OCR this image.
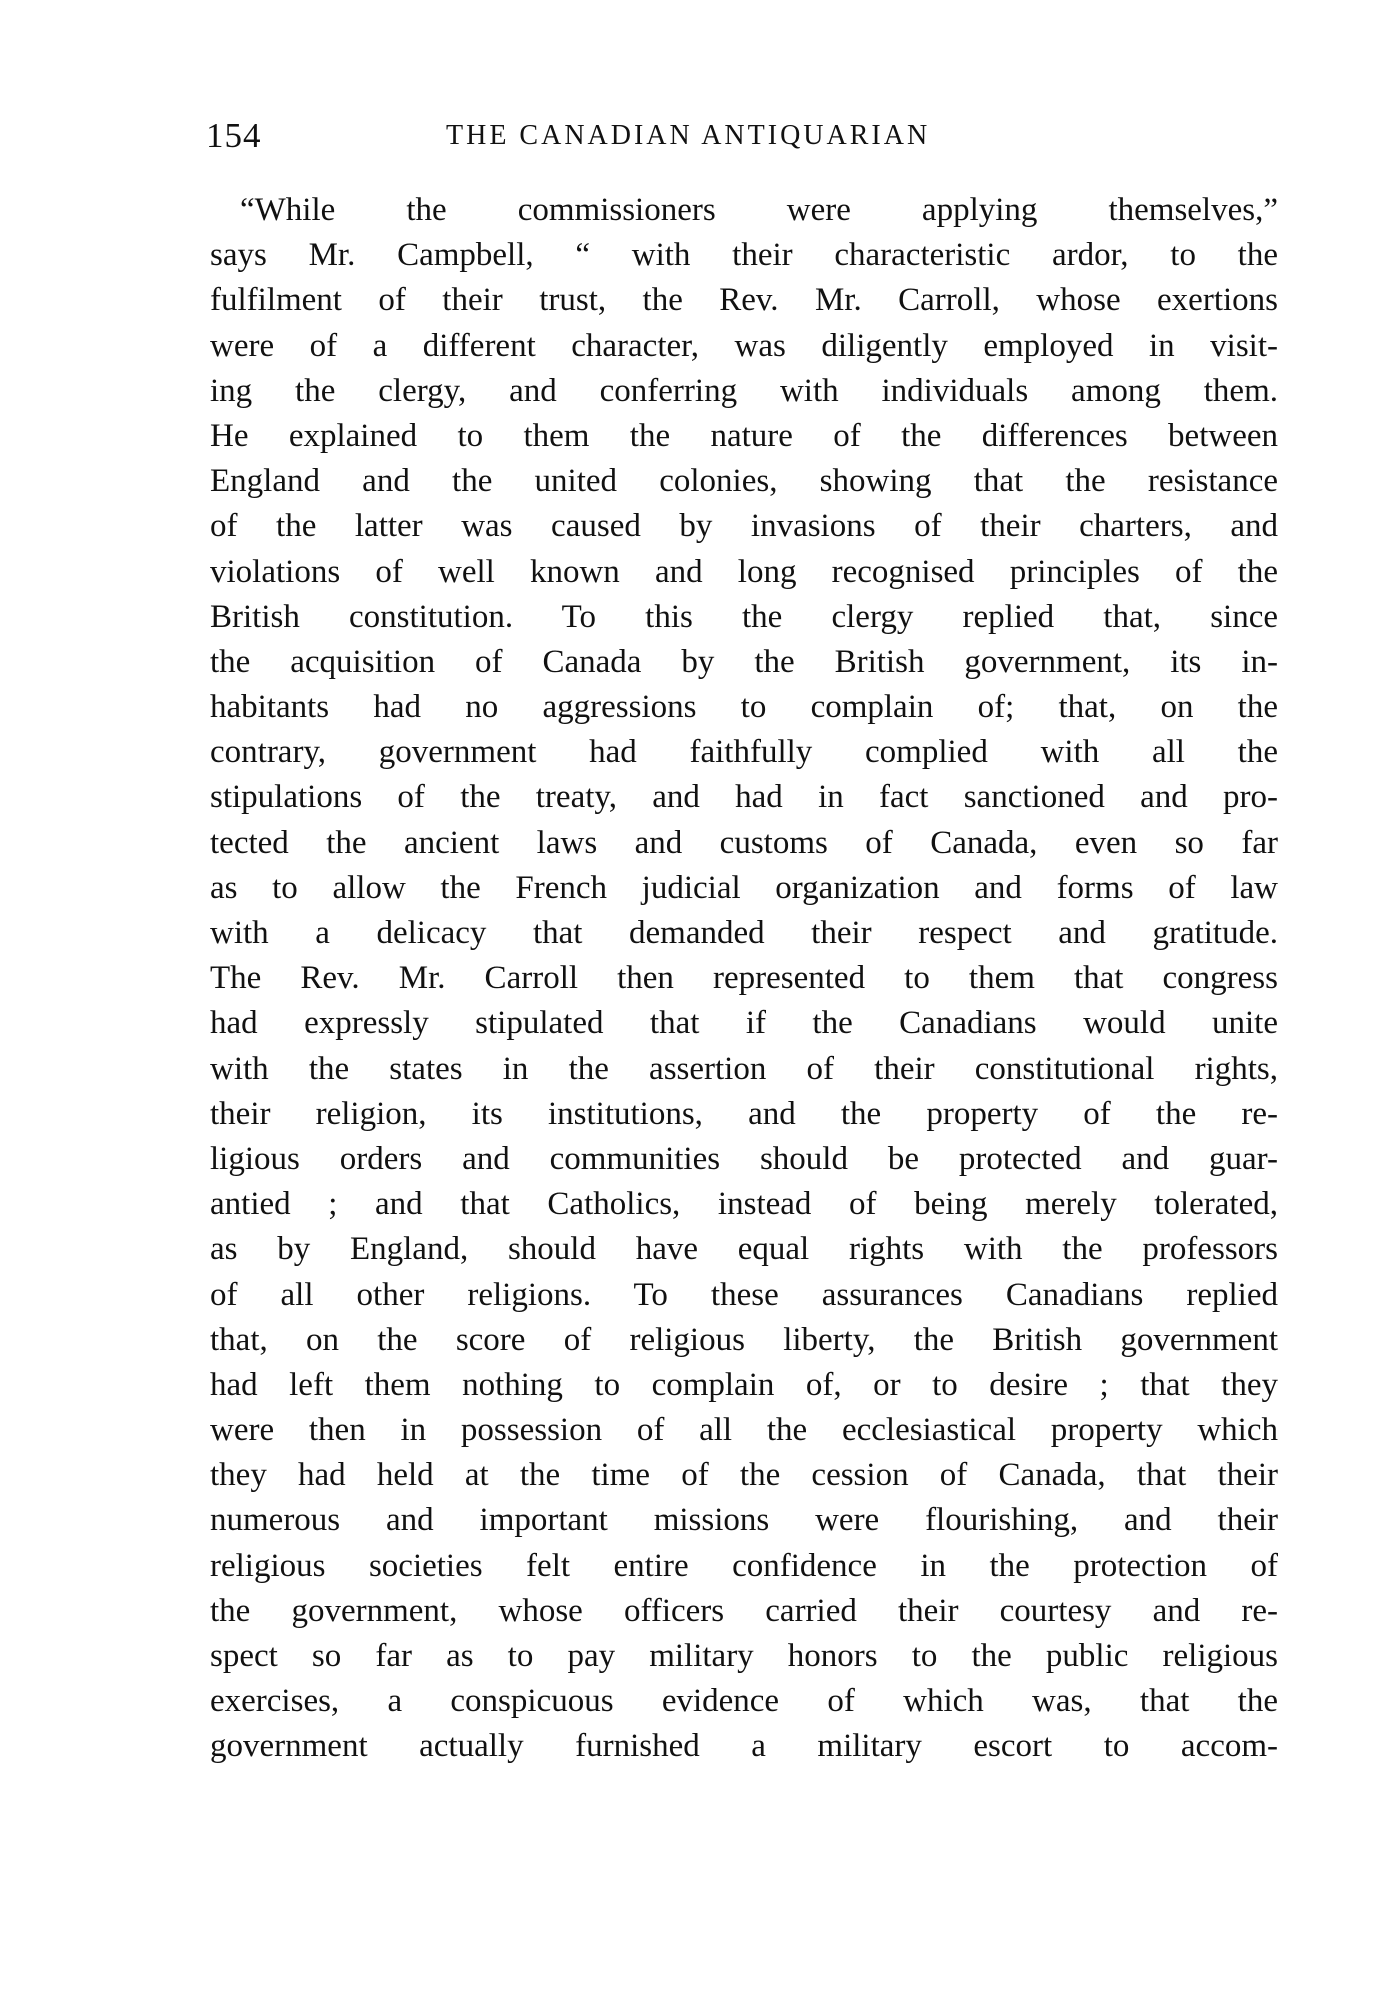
154	THE CANADIAN ANTIQUARIAN
“While the commissioners were applying themselves,”
says Mr. Campbell, “ with their characteristic ardor, to the
fulfilment of their trust, the Rev. Mr. Carroll, whose exertions
were of a different character, was diligently employed in visit-
ing the clergy, and conferring with individuals among them.
He explained to them the nature of the differences between
England and the united colonies, showing that the resistance
of the latter was caused by invasions of their charters, and
violations of well known and long recognised principles of the
British constitution. To this the clergy replied that, since
the acquisition of Canada by the British government, its in-
habitants had no aggressions to complain of; that, on the
contrary, government had faithfully complied with all the
stipulations of the treaty, and had in fact sanctioned and pro-
tected the ancient laws and customs of Canada, even so far
as to allow the French judicial organization and forms of law
with a delicacy that demanded their respect and gratitude.
The Rev. Mr. Carroll then represented to them that congress
had expressly stipulated that if the Canadians would unite
with the states in the assertion of their constitutional rights,
their religion, its institutions, and the property of the re-
ligious orders and communities should be protected and guar-
antied ; and that Catholics, instead of being merely tolerated,
as by England, should have equal rights with the professors
of all other religions. To these assurances Canadians replied
that, on the score of religious liberty, the British government
had left them nothing to complain of, or to desire ; that they
were then in possession of all the ecclesiastical property which
they had held at the time of the cession of Canada, that their
numerous and important missions were flourishing, and their
religious societies felt entire confidence in the protection of
the government, whose officers carried their courtesy and re-
spect so far as to pay military honors to the public religious
exercises, a conspicuous evidence of which was, that the
government actually furnished a military escort to accom-
